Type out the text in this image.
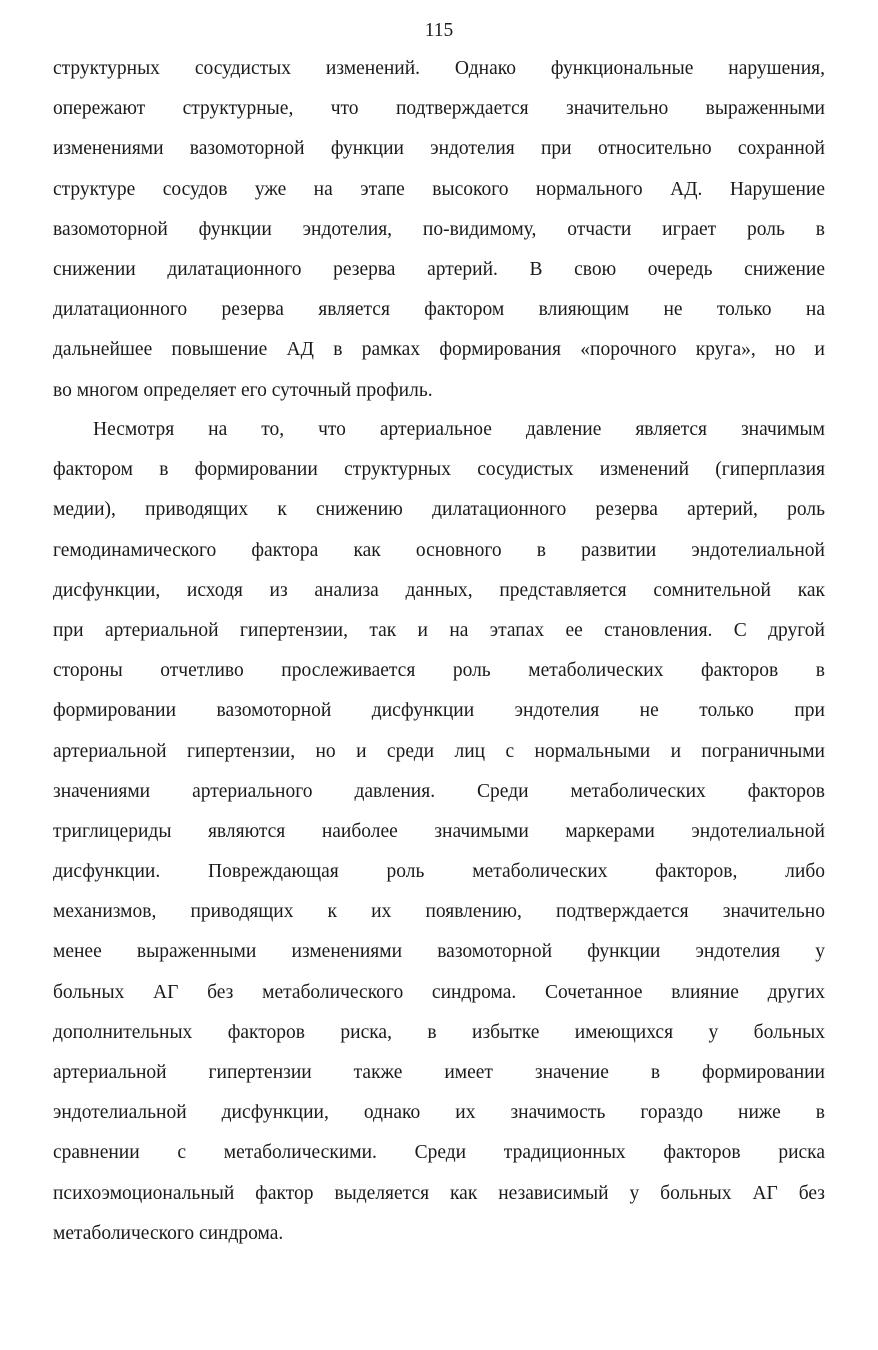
115
структурных сосудистых изменений. Однако функциональные нарушения,
опережают структурные, что подтверждается значительно выраженными
изменениями вазомоторной функции эндотелия при относительно сохранной
структуре сосудов уже на этапе высокого нормального АД. Нарушение
вазомоторной функции эндотелия, по-видимому, отчасти играет роль в
снижении дилатационного резерва артерий. В свою очередь снижение
дилатационного резерва является фактором влияющим не только на
дальнейшее повышение АД в рамках формирования «порочного круга», но и
во многом определяет его суточный профиль.
Несмотря на то, что артериальное давление является значимым
фактором в формировании структурных сосудистых изменений (гиперплазия
медии), приводящих к снижению дилатационного резерва артерий, роль
гемодинамического фактора как основного в развитии эндотелиальной
дисфункции, исходя из анализа данных, представляется сомнительной как
при артериальной гипертензии, так и на этапах ее становления. С другой
стороны отчетливо прослеживается роль метаболических факторов в
формировании вазомоторной дисфункции эндотелия не только при
артериальной гипертензии, но и среди лиц с нормальными и пограничными
значениями артериального давления. Среди метаболических факторов
триглицериды являются наиболее значимыми маркерами эндотелиальной
дисфункции. Повреждающая роль метаболических факторов, либо
механизмов, приводящих к их появлению, подтверждается значительно
менее выраженными изменениями вазомоторной функции эндотелия у
больных АГ без метаболического синдрома. Сочетанное влияние других
дополнительных факторов риска, в избытке имеющихся у больных
артериальной гипертензии также имеет значение в формировании
эндотелиальной дисфункции, однако их значимость гораздо ниже в
сравнении с метаболическими. Среди традиционных факторов риска
психоэмоциональный фактор выделяется как независимый у больных АГ без
метаболического синдрома.
